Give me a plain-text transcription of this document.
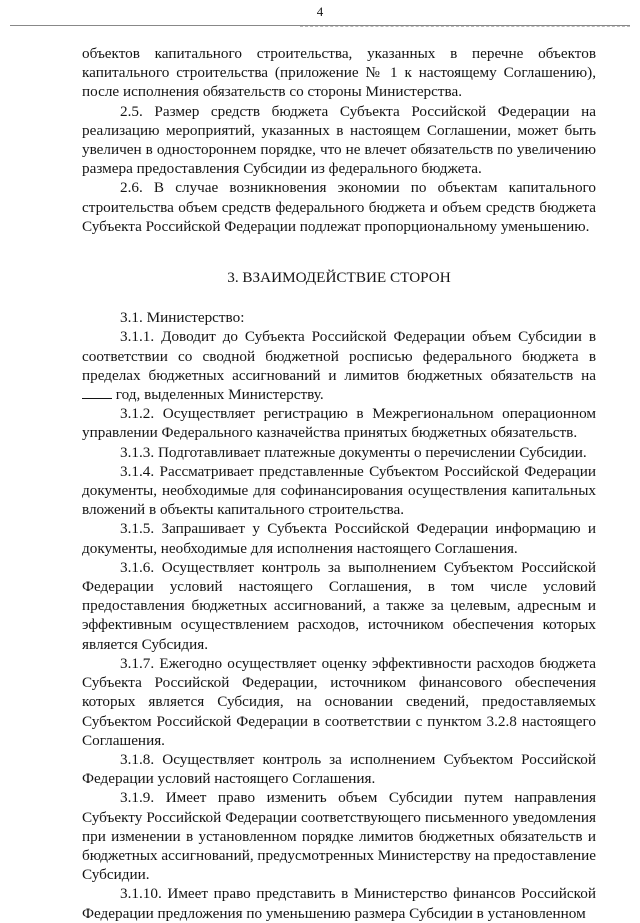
4

объектов капитального строительства, указанных в перечне объектов капитального строительства (приложение № 1 к настоящему Соглашению), после исполнения обязательств со стороны Министерства.

2.5. Размер средств бюджета Субъекта Российской Федерации на реализацию мероприятий, указанных в настоящем Соглашении, может быть увеличен в одностороннем порядке, что не влечет обязательств по увеличению размера предоставления Субсидии из федерального бюджета.

2.6. В случае возникновения экономии по объектам капитального строительства объем средств федерального бюджета и объем средств бюджета Субъекта Российской Федерации подлежат пропорциональному уменьшению.

3. ВЗАИМОДЕЙСТВИЕ СТОРОН

3.1. Министерство:

3.1.1. Доводит до Субъекта Российской Федерации объем Субсидии в соответствии со сводной бюджетной росписью федерального бюджета в пределах бюджетных ассигнований и лимитов бюджетных обязательств на  год, выделенных Министерству.

3.1.2. Осуществляет регистрацию в Межрегиональном операционном управлении Федерального казначейства принятых бюджетных обязательств.

3.1.3. Подготавливает платежные документы о перечислении Субсидии.

3.1.4. Рассматривает представленные Субъектом Российской Федерации документы, необходимые для софинансирования осуществления капитальных вложений в объекты капитального строительства.

3.1.5. Запрашивает у Субъекта Российской Федерации информацию и документы, необходимые для исполнения настоящего Соглашения.

3.1.6. Осуществляет контроль за выполнением Субъектом Российской Федерации условий настоящего Соглашения, в том числе условий предоставления бюджетных ассигнований, а также за целевым, адресным и эффективным осуществлением расходов, источником обеспечения которых является Субсидия.

3.1.7. Ежегодно осуществляет оценку эффективности расходов бюджета Субъекта Российской Федерации, источником финансового обеспечения которых является Субсидия, на основании сведений, предоставляемых Субъектом Российской Федерации в соответствии с пунктом 3.2.8 настоящего Соглашения.

3.1.8. Осуществляет контроль за исполнением Субъектом Российской Федерации условий настоящего Соглашения.

3.1.9. Имеет право изменить объем Субсидии путем направления Субъекту Российской Федерации соответствующего письменного уведомления при изменении в установленном порядке лимитов бюджетных обязательств и бюджетных ассигнований, предусмотренных Министерству на предоставление Субсидии.

3.1.10. Имеет право представить в Министерство финансов Российской Федерации предложения по уменьшению размера Субсидии в установленном
